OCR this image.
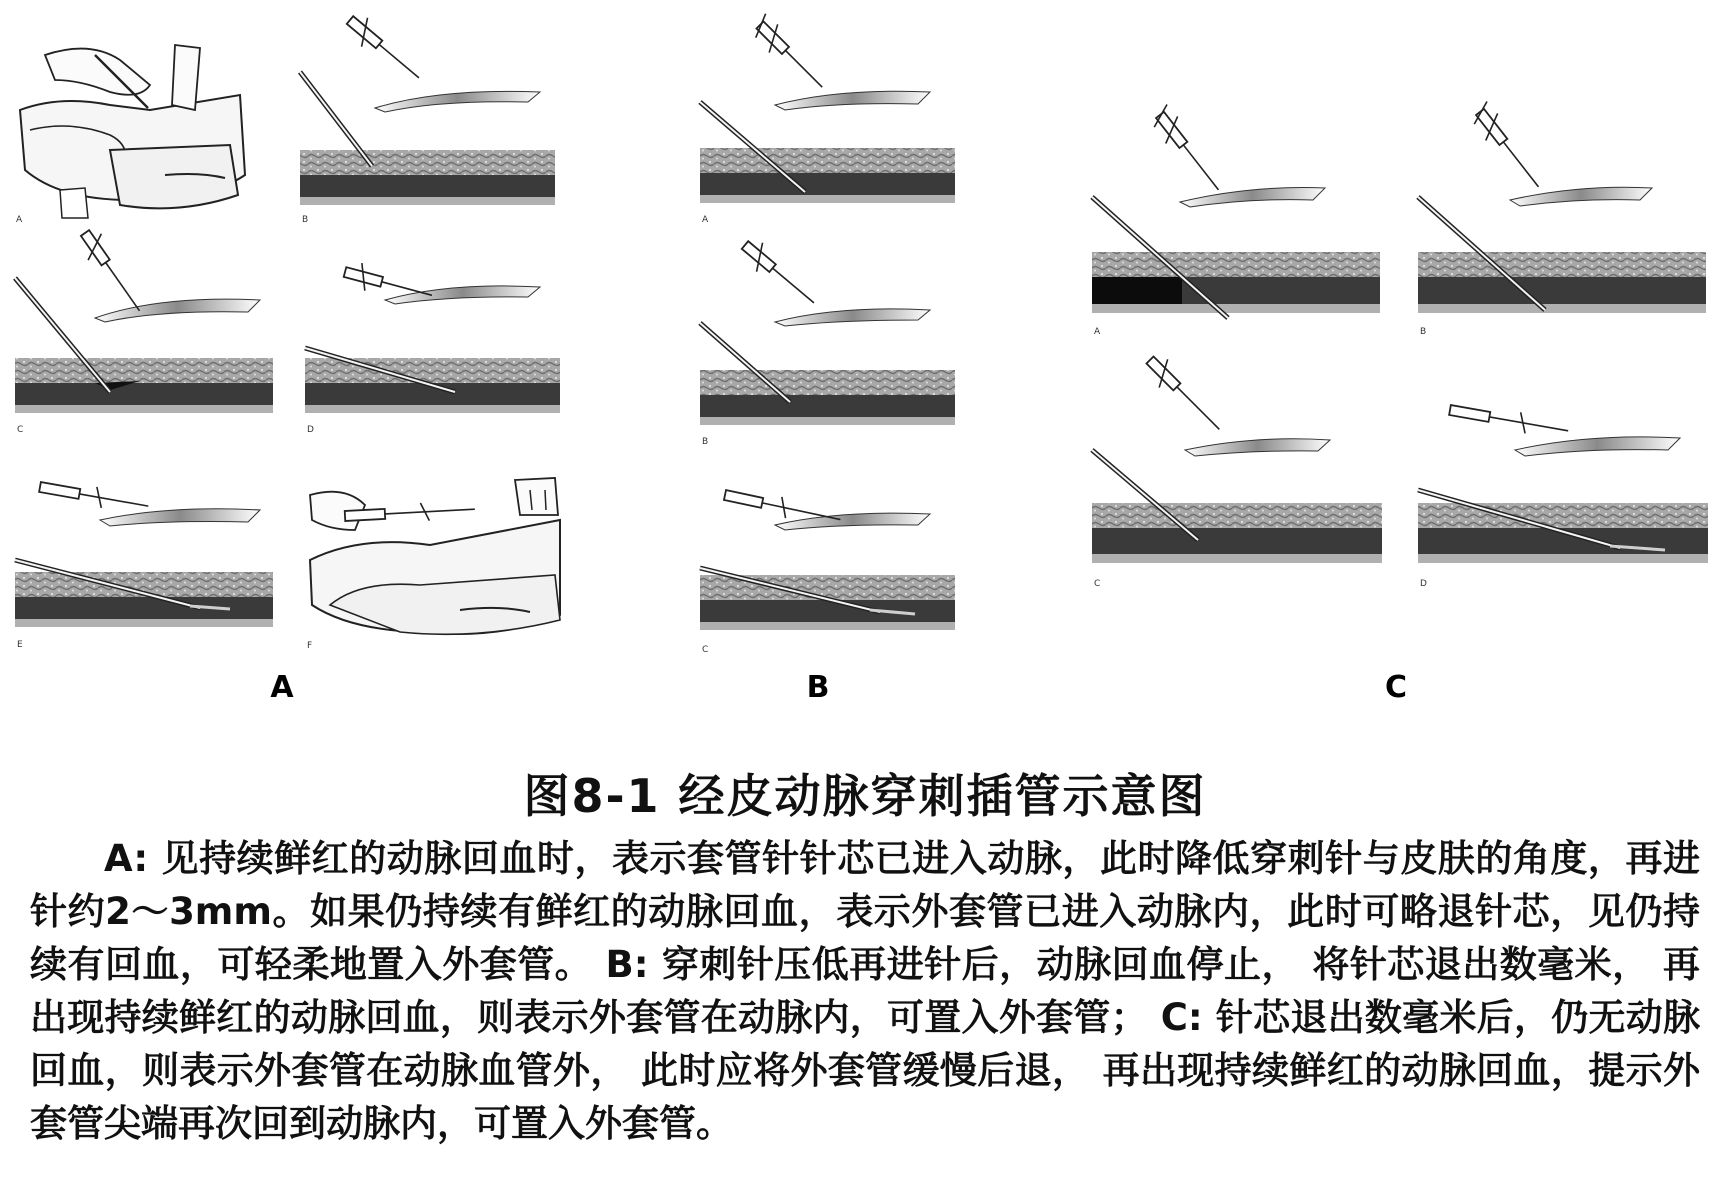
A	B
C	D
E	F
A
B
C
A	B
C	D
A	B	C
图8-1 经皮动脉穿刺插管示意图

A: 见持续鲜红的动脉回血时，表示套管针针芯已进入动脉，此时降低穿刺针与皮肤的角度，再进针约2～3mm。如果仍持续有鲜红的动脉回血，表示外套管已进入动脉内，此时可略退针芯，见仍持续有回血，可轻柔地置入外套管。 B: 穿刺针压低再进针后，动脉回血停止， 将针芯退出数毫米， 再出现持续鲜红的动脉回血，则表示外套管在动脉内，可置入外套管； C: 针芯退出数毫米后，仍无动脉回血，则表示外套管在动脉血管外， 此时应将外套管缓慢后退， 再出现持续鲜红的动脉回血，提示外套管尖端再次回到动脉内，可置入外套管。
